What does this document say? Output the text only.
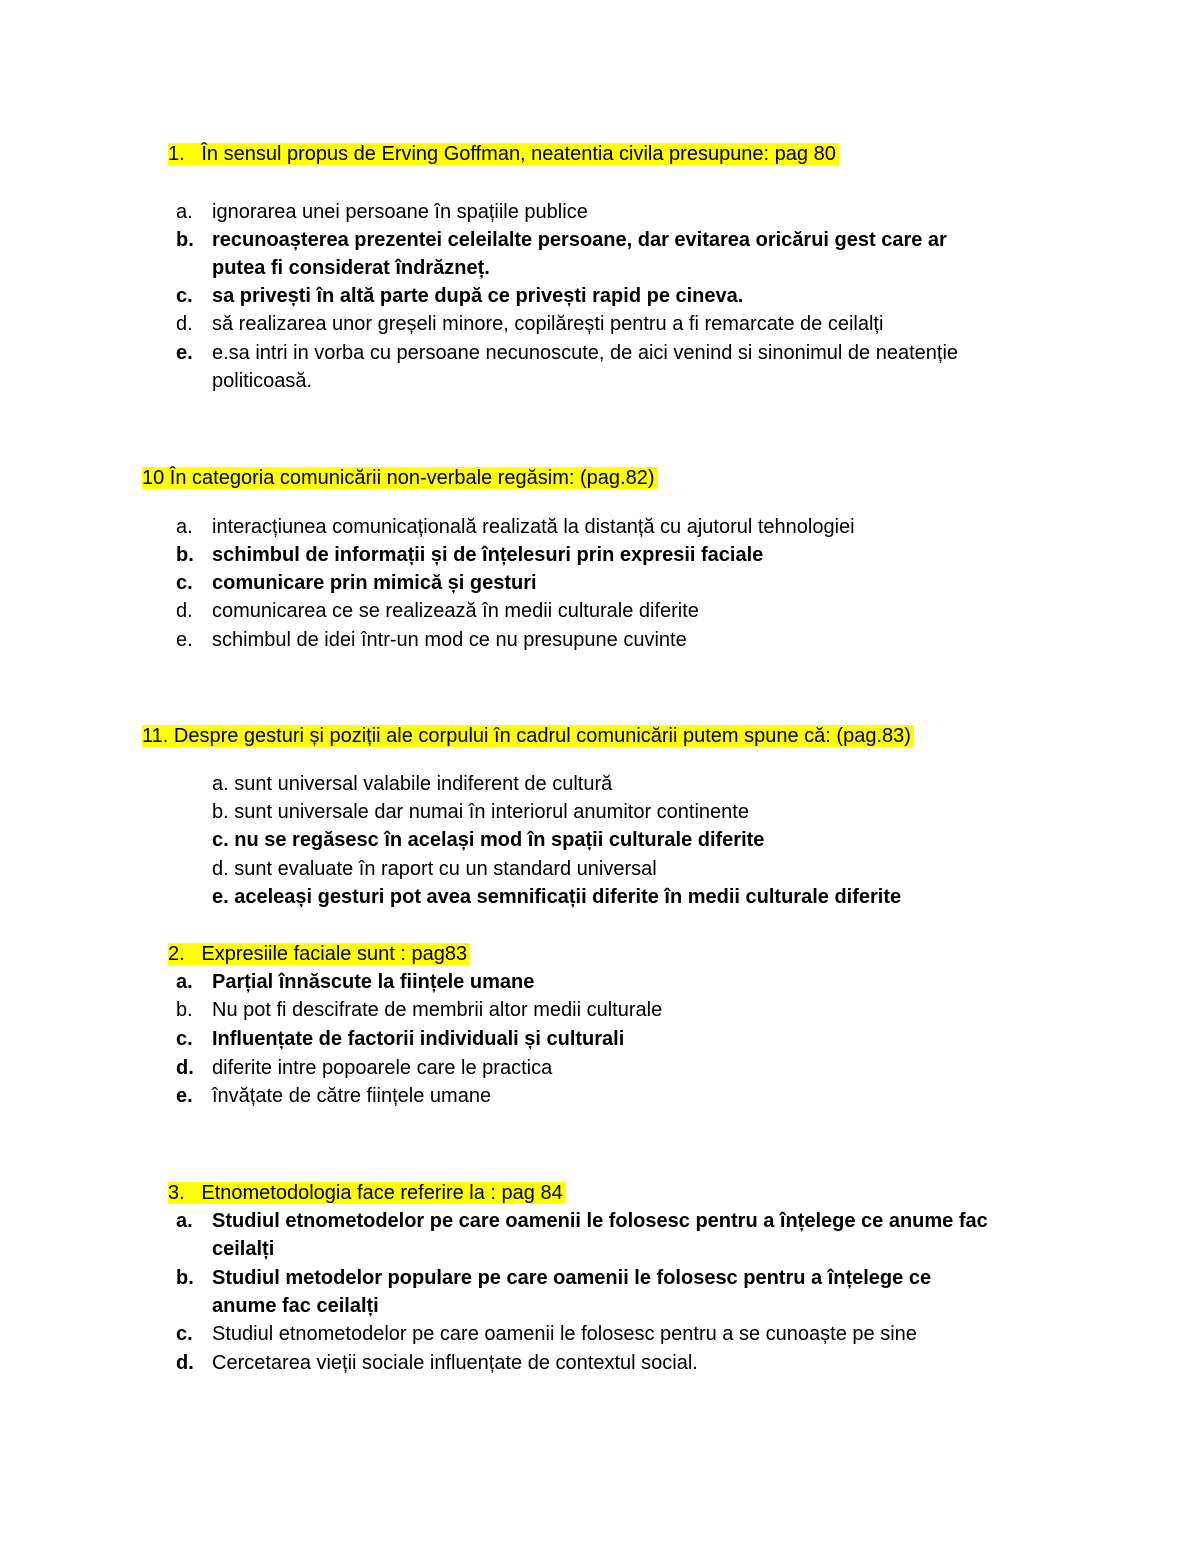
1. În sensul propus de Erving Goffman, neatentia civila presupune: pag 80
a. ignorarea unei persoane în spațiile publice
b. recunoașterea prezentei celeilalte persoane, dar evitarea oricărui gest care ar
putea fi considerat îndrăzneț.
c. sa privești în altă parte după ce privești rapid pe cineva.
d. să realizarea unor greșeli minore, copilărești pentru a fi remarcate de ceilalți
e. e.sa intri in vorba cu persoane necunoscute, de aici venind si sinonimul de neatenție
politicoasă.
10 În categoria comunicării non-verbale regăsim: (pag.82)
a. interacțiunea comunicațională realizată la distanță cu ajutorul tehnologiei
b. schimbul de informații și de înțelesuri prin expresii faciale
c. comunicare prin mimică și gesturi
d. comunicarea ce se realizează în medii culturale diferite
e. schimbul de idei într-un mod ce nu presupune cuvinte
11. Despre gesturi și poziții ale corpului în cadrul comunicării putem spune că: (pag.83)
a. sunt universal valabile indiferent de cultură
b. sunt universale dar numai în interiorul anumitor continente
c. nu se regăsesc în același mod în spații culturale diferite
d. sunt evaluate în raport cu un standard universal
e. aceleași gesturi pot avea semnificații diferite în medii culturale diferite
2. Expresiile faciale sunt : pag83
a. Parțial înnăscute la ființele umane
b. Nu pot fi descifrate de membrii altor medii culturale
c. Influențate de factorii individuali și culturali
d. diferite intre popoarele care le practica
e. învățate de către ființele umane
3. Etnometodologia face referire la : pag 84
a. Studiul etnometodelor pe care oamenii le folosesc pentru a înțelege ce anume fac
ceilalți
b. Studiul metodelor populare pe care oamenii le folosesc pentru a înțelege ce
anume fac ceilalți
c. Studiul etnometodelor pe care oamenii le folosesc pentru a se cunoaște pe sine
d. Cercetarea vieții sociale influențate de contextul social.
